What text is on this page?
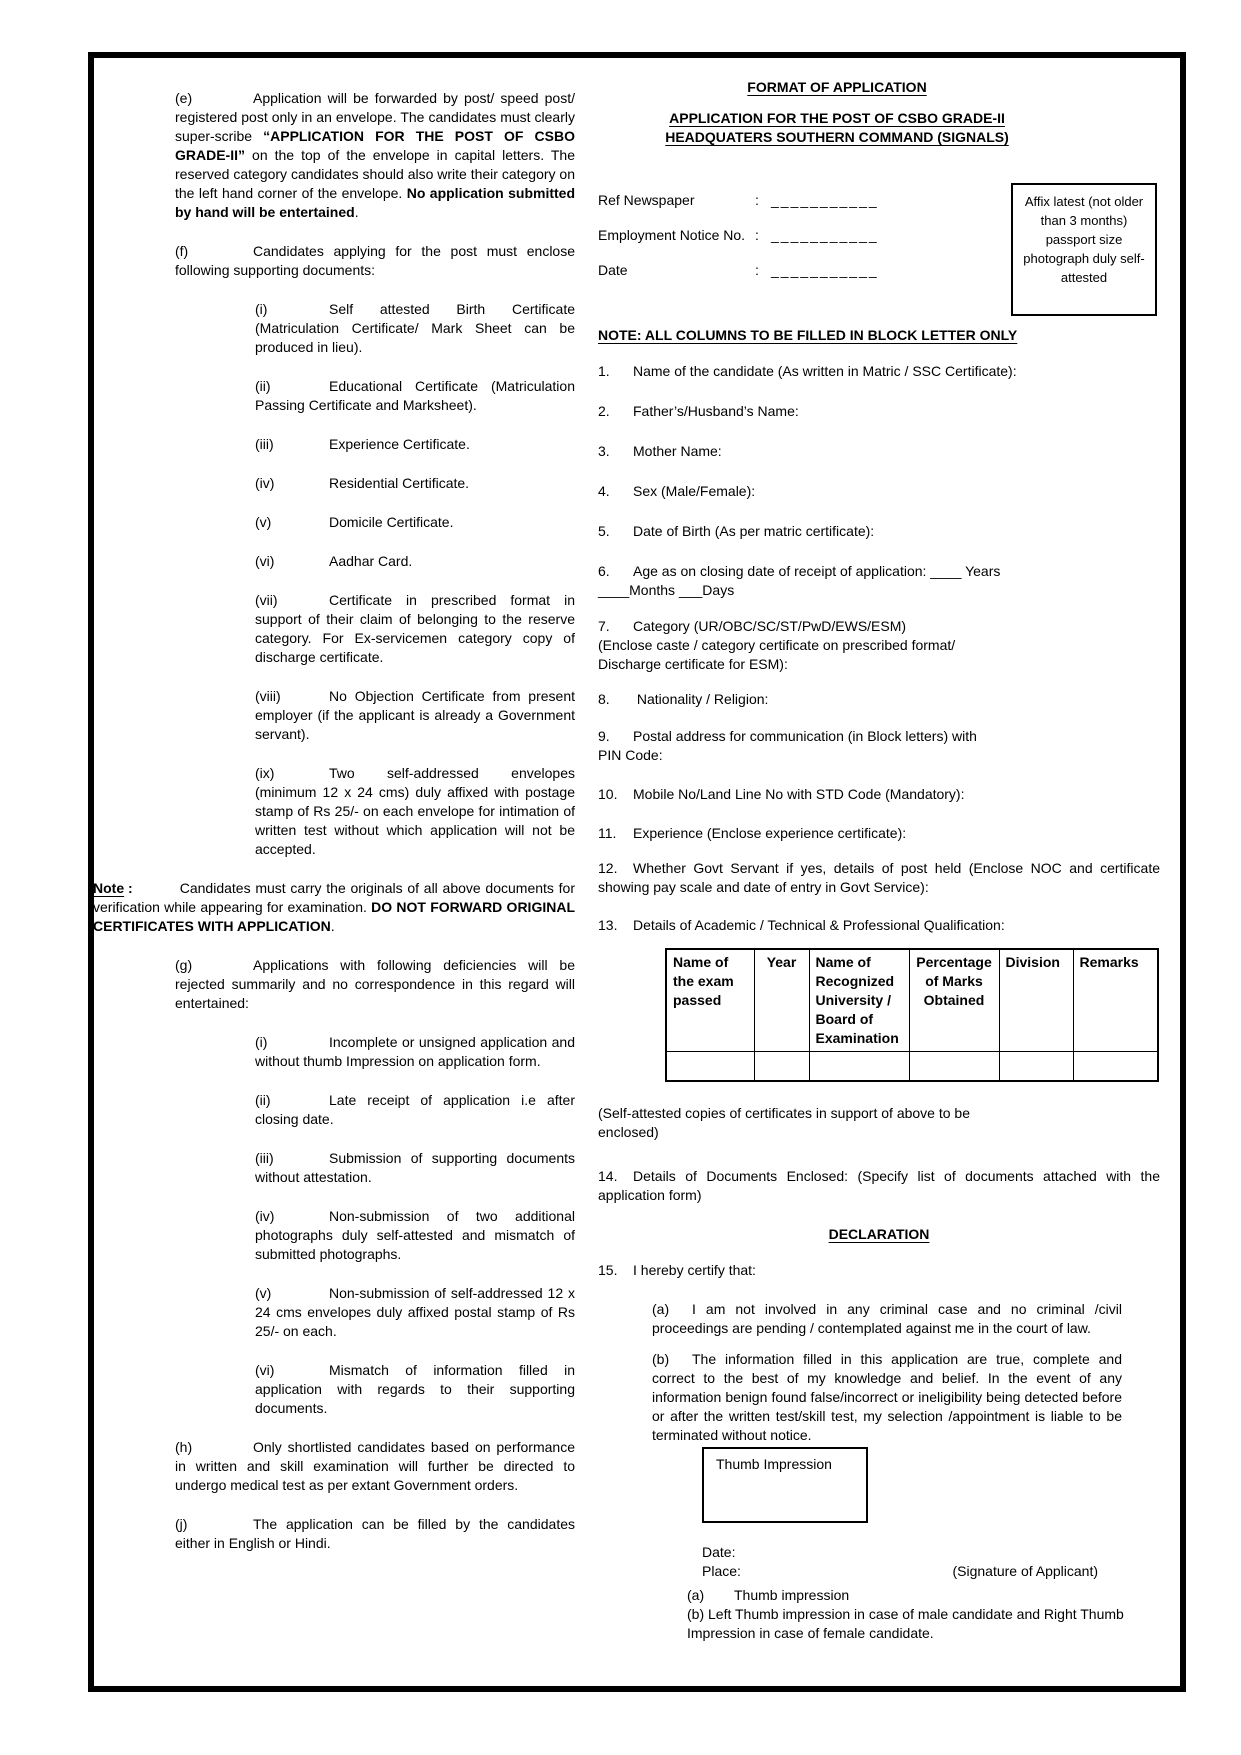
(e)	Application will be forwarded by post/ speed post/ registered post only in an envelope. The candidates must clearly super-scribe “APPLICATION FOR THE POST OF CSBO GRADE-II” on the top of the envelope in capital letters. The reserved category candidates should also write their category on the left hand corner of the envelope. No application submitted by hand will be entertained.

(f)	Candidates applying for the post must enclose following supporting documents:

(i)	Self attested Birth Certificate (Matriculation Certificate/ Mark Sheet can be produced in lieu).

(ii)	Educational Certificate (Matriculation Passing Certificate and Marksheet).

(iii)	Experience Certificate.

(iv)	Residential Certificate.

(v)	Domicile Certificate.

(vi)	Aadhar Card.

(vii)	Certificate in prescribed format in support of their claim of belonging to the reserve category. For Ex-servicemen category copy of discharge certificate.

(viii)	No Objection Certificate from present employer (if the applicant is already a Government servant).

(ix)	Two self-addressed envelopes (minimum 12 x 24 cms) duly affixed with postage stamp of Rs 25/- on each envelope for intimation of written test without which application will not be accepted.

Note :	Candidates must carry the originals of all above documents for verification while appearing for examination. DO NOT FORWARD ORIGINAL CERTIFICATES WITH APPLICATION.

(g)	Applications with following deficiencies will be rejected summarily and no correspondence in this regard will entertained:

(i)	Incomplete or unsigned application and without thumb Impression on application form.

(ii)	Late receipt of application i.e after closing date.

(iii)	Submission of supporting documents without attestation.

(iv)	Non-submission of two additional photographs duly self-attested and mismatch of submitted photographs.

(v)	Non-submission of self-addressed 12 x 24 cms envelopes duly affixed postal stamp of Rs 25/- on each.

(vi)	Mismatch of information filled in application with regards to their supporting documents.

(h)	Only shortlisted candidates based on performance in written and skill examination will further be directed to undergo medical test as per extant Government orders.

(j)	The application can be filled by the candidates either in English or Hindi.

FORMAT OF APPLICATION
APPLICATION FOR THE POST OF CSBO GRADE-II
HEADQUATERS SOUTHERN COMMAND (SIGNALS)
Affix latest (not older than 3 months) passport size photograph duly self-attested
Ref Newspaper	: ___________
Employment Notice No. : ___________
Date	: ___________
NOTE: ALL COLUMNS TO BE FILLED IN BLOCK LETTER ONLY
1. Name of the candidate (As written in Matric / SSC Certificate):
2. Father’s/Husband’s Name:
3. Mother Name:
4. Sex (Male/Female):
5. Date of Birth (As per matric certificate):
6. Age as on closing date of receipt of application: ____ Years
____Months ___Days
7. Category (UR/OBC/SC/ST/PwD/EWS/ESM)
(Enclose caste / category certificate on prescribed format/
Discharge certificate for ESM):
8. Nationality / Religion:
9. Postal address for communication (in Block letters) with
PIN Code:
10. Mobile No/Land Line No with STD Code (Mandatory):
11. Experience (Enclose experience certificate):
12. Whether Govt Servant if yes, details of post held (Enclose NOC and certificate showing pay scale and date of entry in Govt Service):
13. Details of Academic / Technical & Professional Qualification:
Name of the exam passed	Year	Name of Recognized University / Board of Examination	Percentage of Marks Obtained	Division	Remarks

(Self-attested copies of certificates in support of above to be enclosed)
14. Details of Documents Enclosed: (Specify list of documents attached with the application form)
DECLARATION
15. I hereby certify that:
(a) I am not involved in any criminal case and no criminal /civil proceedings are pending / contemplated against me in the court of law.
(b) The information filled in this application are true, complete and correct to the best of my knowledge and belief. In the event of any information benign found false/incorrect or ineligibility being detected before or after the written test/skill test, my selection /appointment is liable to be terminated without notice.
Thumb Impression
Date:
Place:	(Signature of Applicant)
(a) Thumb impression
(b) Left Thumb impression in case of male candidate and Right Thumb Impression in case of female candidate.
